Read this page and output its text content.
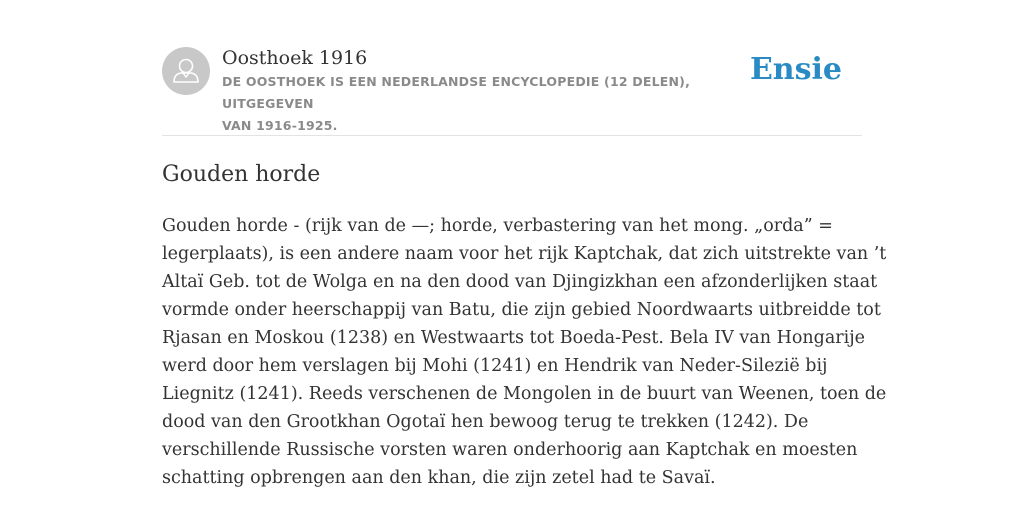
Oosthoek 1916
DE OOSTHOEK IS EEN NEDERLANDSE ENCYCLOPEDIE (12 DELEN), UITGEGEVEN
VAN 1916-1925.
Ensie
Gouden horde
Gouden horde - (rijk van de —; horde, verbastering van het mong. „orda” =
legerplaats), is een andere naam voor het rijk Kaptchak, dat zich uitstrekte van ’t
Altaï Geb. tot de Wolga en na den dood van Djingizkhan een afzonderlijken staat
vormde onder heerschappij van Batu, die zijn gebied Noordwaarts uitbreidde tot
Rjasan en Moskou (1238) en Westwaarts tot Boeda-Pest. Bela IV van Hongarije
werd door hem verslagen bij Mohi (1241) en Hendrik van Neder-Silezië bij
Liegnitz (1241). Reeds verschenen de Mongolen in de buurt van Weenen, toen de
dood van den Grootkhan Ogotaï hen bewoog terug te trekken (1242). De
verschillende Russische vorsten waren onderhoorig aan Kaptchak en moesten
schatting opbrengen aan den khan, die zijn zetel had te Savaï.
